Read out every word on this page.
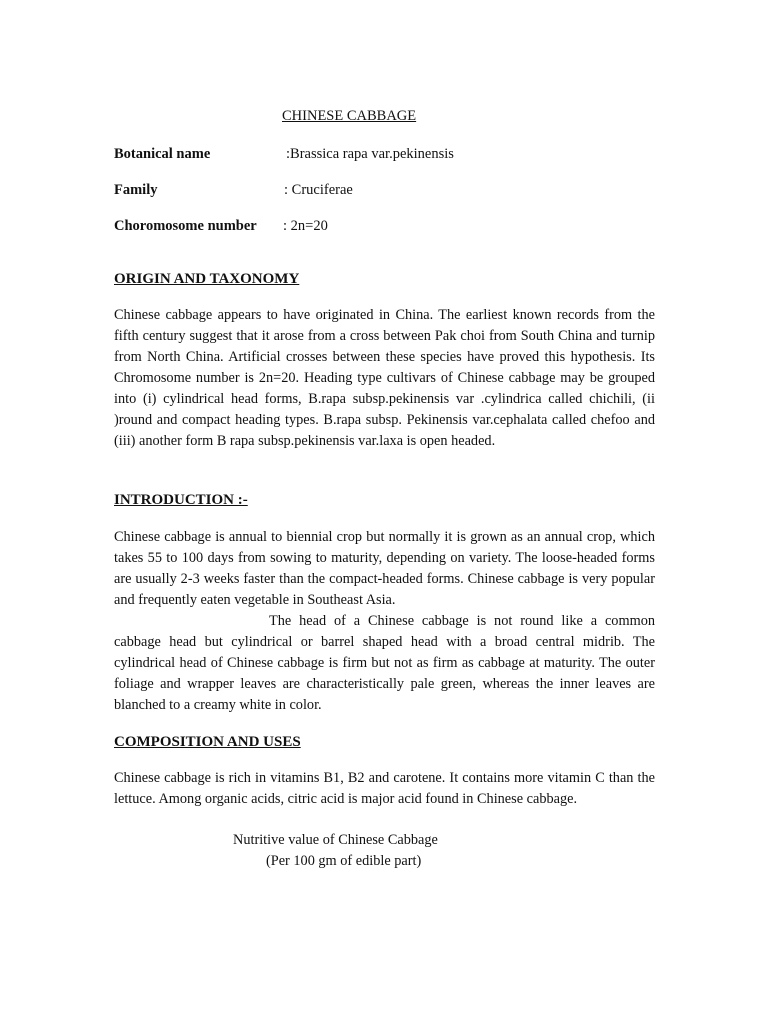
CHINESE CABBAGE
Botanical name	:Brassica rapa var.pekinensis
Family	: Cruciferae
Choromosome number : 2n=20
ORIGIN AND TAXONOMY

Chinese cabbage appears to have originated in China. The earliest known records from the fifth century suggest that it arose from a cross between Pak choi from South China and turnip from North China. Artificial crosses between these species have proved this hypothesis. Its Chromosome number is 2n=20. Heading type cultivars of Chinese cabbage may be grouped into (i) cylindrical head forms, B.rapa subsp.pekinensis var .cylindrica called chichili, (ii )round and compact heading types. B.rapa subsp. Pekinensis var.cephalata called chefoo and (iii) another form B rapa subsp.pekinensis var.laxa is open headed.

INTRODUCTION :-

Chinese cabbage is annual to biennial crop but normally it is grown as an annual crop, which takes 55 to 100 days from sowing to maturity, depending on variety. The loose-headed forms are usually 2-3 weeks faster than the compact-headed forms. Chinese cabbage is very popular and frequently eaten vegetable in Southeast Asia.

The head of a Chinese cabbage is not round like a common cabbage head but cylindrical or barrel shaped head with a broad central midrib. The cylindrical head of Chinese cabbage is firm but not as firm as cabbage at maturity. The outer foliage and wrapper leaves are characteristically pale green, whereas the inner leaves are blanched to a creamy white in color.

COMPOSITION AND USES

Chinese cabbage is rich in vitamins B1, B2 and carotene. It contains more vitamin C than the lettuce. Among organic acids, citric acid is major acid found in Chinese cabbage.

Nutritive value of Chinese Cabbage
(Per 100 gm of edible part)
